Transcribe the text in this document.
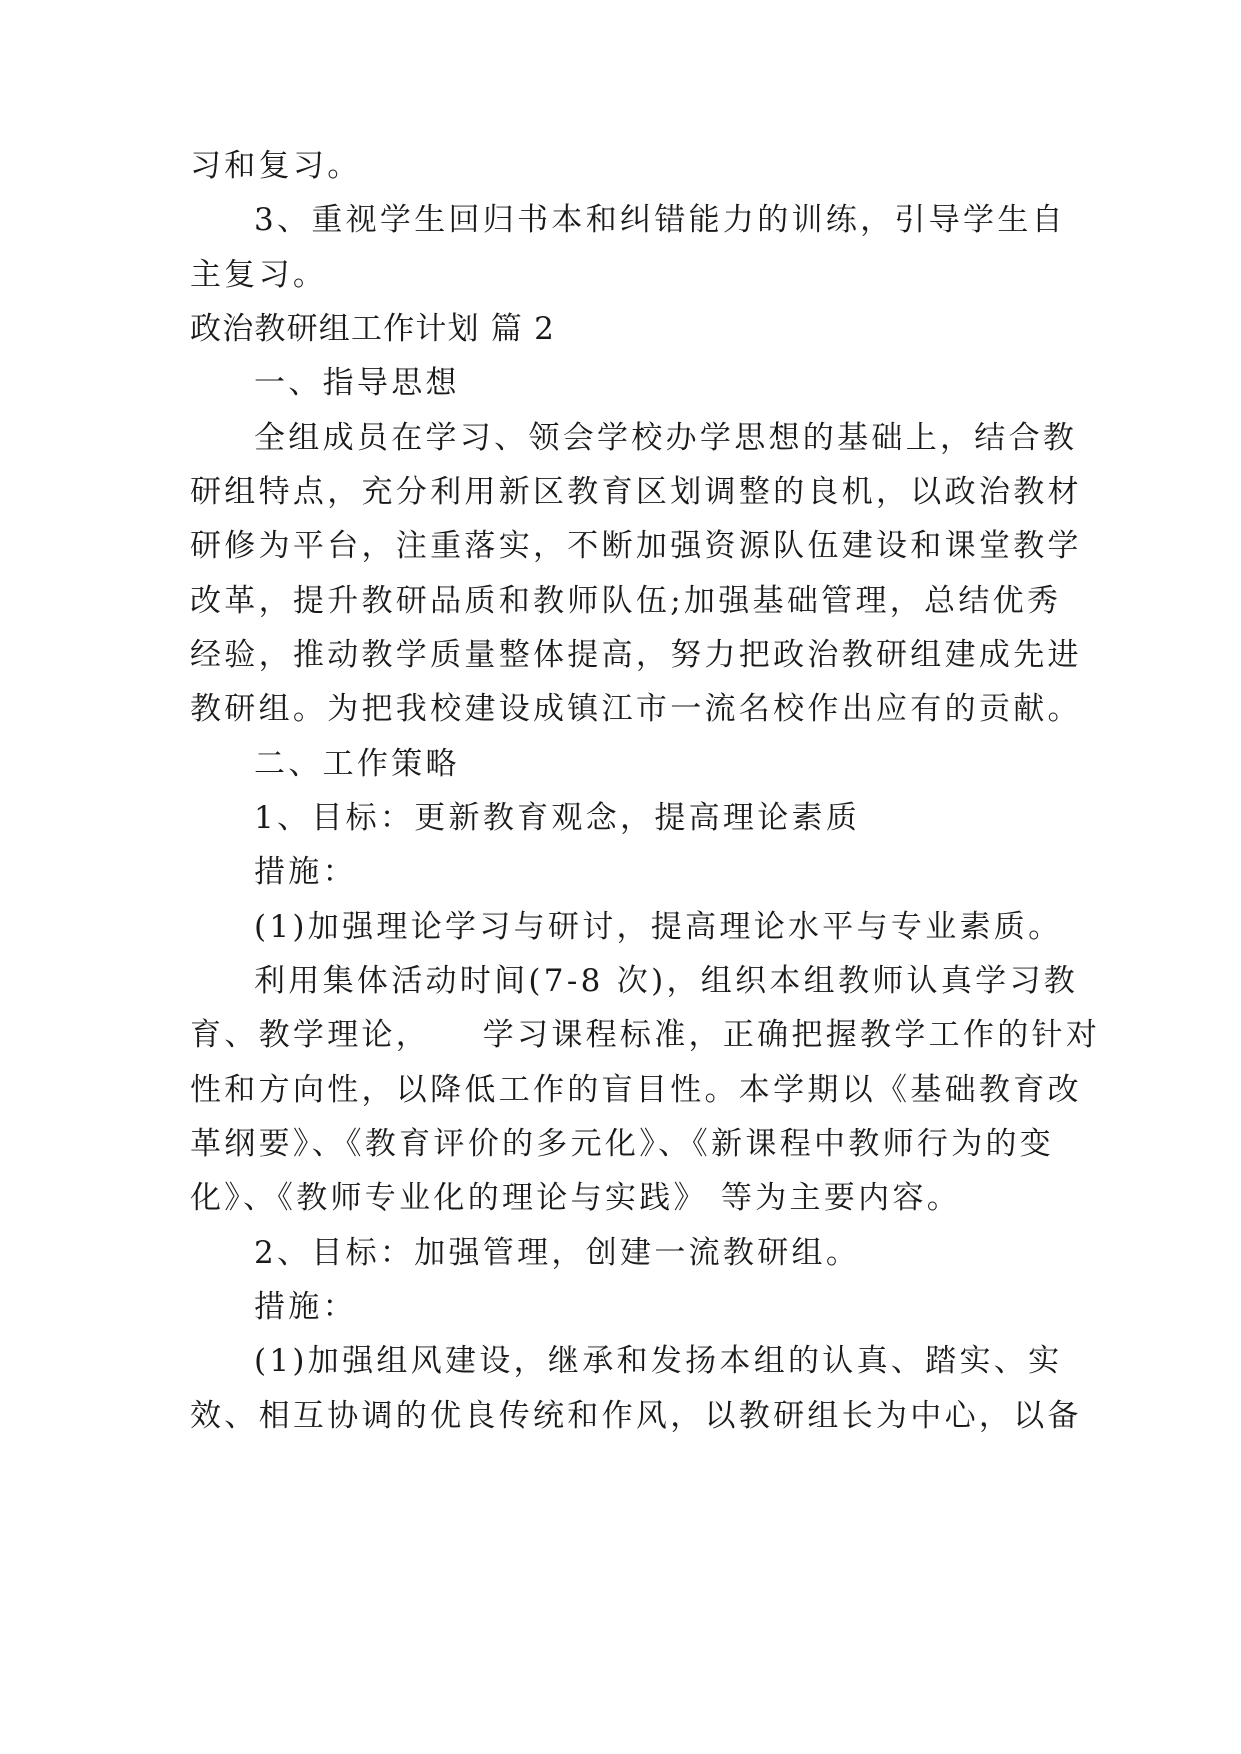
习和复习。
3、重视学生回归书本和纠错能力的训练，引导学生自
主复习。
政治教研组工作计划 篇 2
一、指导思想
全组成员在学习、领会学校办学思想的基础上，结合教
研组特点，充分利用新区教育区划调整的良机，以政治教材
研修为平台，注重落实，不断加强资源队伍建设和课堂教学
改革，提升教研品质和教师队伍;加强基础管理，总结优秀
经验，推动教学质量整体提高，努力把政治教研组建成先进
教研组。为把我校建设成镇江市一流名校作出应有的贡献。
二、工作策略
1、目标：更新教育观念，提高理论素质
措施：
(1)加强理论学习与研讨，提高理论水平与专业素质。
利用集体活动时间(7-8 次)，组织本组教师认真学习教
育、教学理论，    学习课程标准，正确把握教学工作的针对
性和方向性，以降低工作的盲目性。本学期以《基础教育改
革纲要》、《教育评价的多元化》、《新课程中教师行为的变
化》、《教师专业化的理论与实践》 等为主要内容。
2、目标：加强管理，创建一流教研组。
措施：
(1)加强组风建设，继承和发扬本组的认真、踏实、实
效、相互协调的优良传统和作风，以教研组长为中心，以备
